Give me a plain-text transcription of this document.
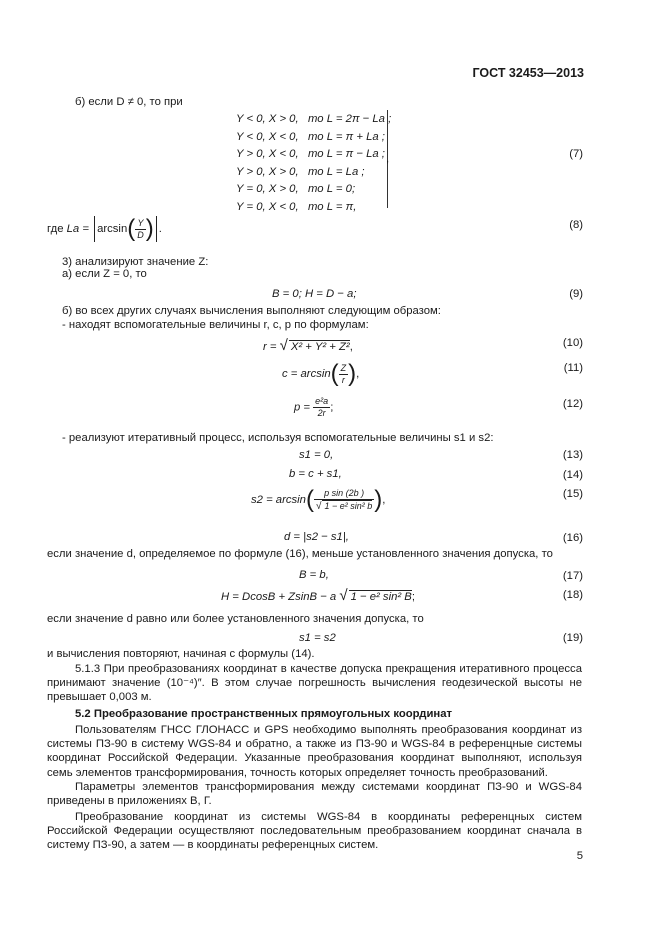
ГОСТ 32453—2013
б) если D ≠ 0, то при
Y < 0, X > 0, то L = 2π − La ;
Y < 0, X < 0, то L = π + La ;
Y > 0, X < 0, то L = π − La ;
Y > 0, X > 0, то L = La ;
Y = 0, X > 0, то L = 0;
Y = 0, X < 0, то L = π,
,	(7)
где $La = \arcsin( \frac{Y}{D}$ ) .	(8)
3) анализируют значение Z:
а) если Z = 0, то
B = 0; H = D − a;	(9)
б) во всех других случаях вычисления выполняют следующим образом:
- находят вспомогательные величины r, c, p по формулам:
r = √ X² + Y² + Z²,	(10)
$c = \arcsin( \frac{Z}{r}$ ),	(11)
$p = \frac{\text{e²a}}{2r}$ ;	(12)
- реализуют итеративный процесс, используя вспомогательные величины s1 и s2:
s1 = 0,	(13)
b = c + s1,	(14)
$s2 = \arcsin( \frac{\text{p sin (2b )}}{\text{√ 1 − e² sin² b}}$ ),	(15)
d = |s2 − s1|,	(16)
если значение d, определяемое по формуле (16), меньше установленного значения допуска, то
B = b,	(17)
H = DcosB + ZsinB − a √ 1 − e² sin² B;	(18)
если значение d равно или более установленного значения допуска, то
s1 = s2	(19)
и вычисления повторяют, начиная с формулы (14).
5.1.3 При преобразованиях координат в качестве допуска прекращения итеративного процесса принимают значение (10⁻⁴)″. В этом случае погрешность вычисления геодезической высоты не превышает 0,003 м.
5.2 Преобразование пространственных прямоугольных координат
Пользователям ГНСС ГЛОНАСС и GPS необходимо выполнять преобразования координат из системы ПЗ-90 в систему WGS-84 и обратно, а также из ПЗ-90 и WGS-84 в референцные системы координат Российской Федерации. Указанные преобразования координат выполняют, используя семь элементов трансформирования, точность которых определяет точность преобразований.
Параметры элементов трансформирования между системами координат ПЗ-90 и WGS-84 приведены в приложениях В, Г.
Преобразование координат из системы WGS-84 в координаты референцных систем Российской Федерации осуществляют последовательным преобразованием координат сначала в систему ПЗ-90, а затем — в координаты референцных систем.
5
